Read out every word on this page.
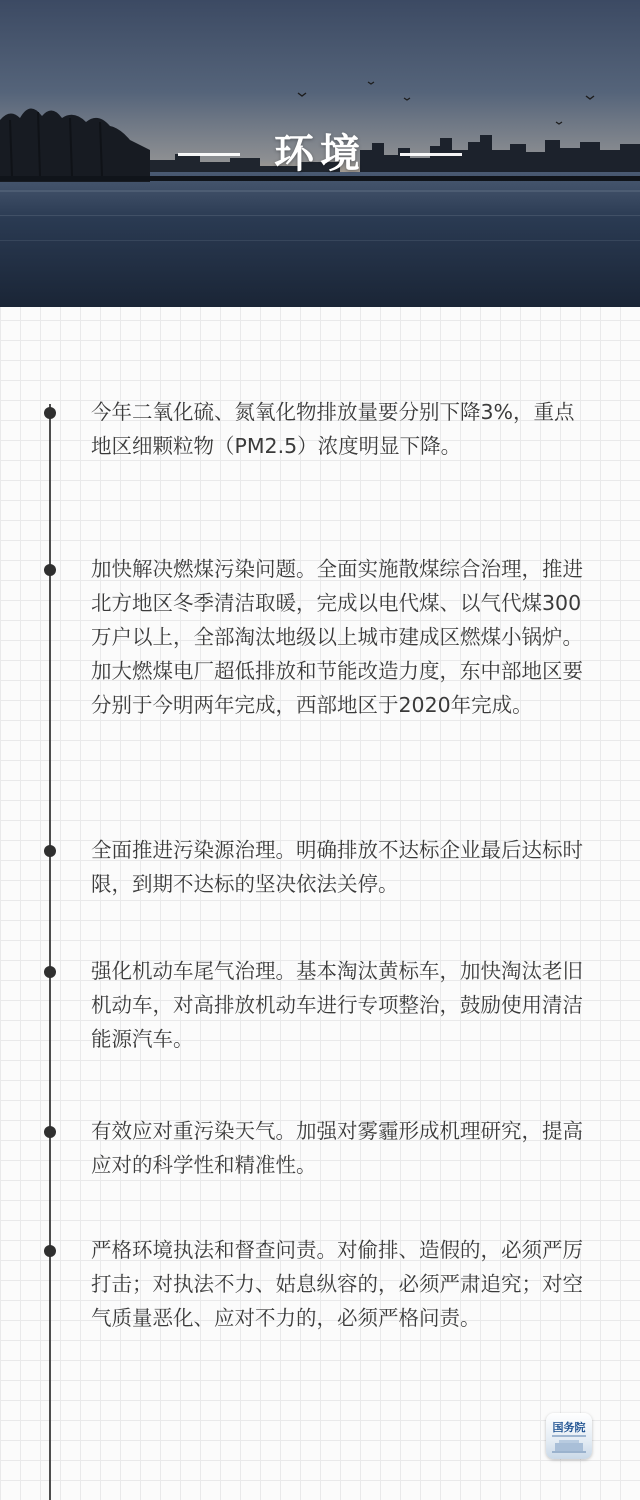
环境

今年二氧化硫、氮氧化物排放量要分别下降3%，重点地区细颗粒物（PM2.5）浓度明显下降。

加快解决燃煤污染问题。全面实施散煤综合治理，推进北方地区冬季清洁取暖，完成以电代煤、以气代煤300万户以上，全部淘汰地级以上城市建成区燃煤小锅炉。加大燃煤电厂超低排放和节能改造力度，东中部地区要分别于今明两年完成，西部地区于2020年完成。

全面推进污染源治理。明确排放不达标企业最后达标时限，到期不达标的坚决依法关停。

强化机动车尾气治理。基本淘汰黄标车，加快淘汰老旧机动车，对高排放机动车进行专项整治，鼓励使用清洁能源汽车。

有效应对重污染天气。加强对雾霾形成机理研究，提高应对的科学性和精准性。

严格环境执法和督查问责。对偷排、造假的，必须严厉打击；对执法不力、姑息纵容的，必须严肃追究；对空气质量恶化、应对不力的，必须严格问责。

国务院
